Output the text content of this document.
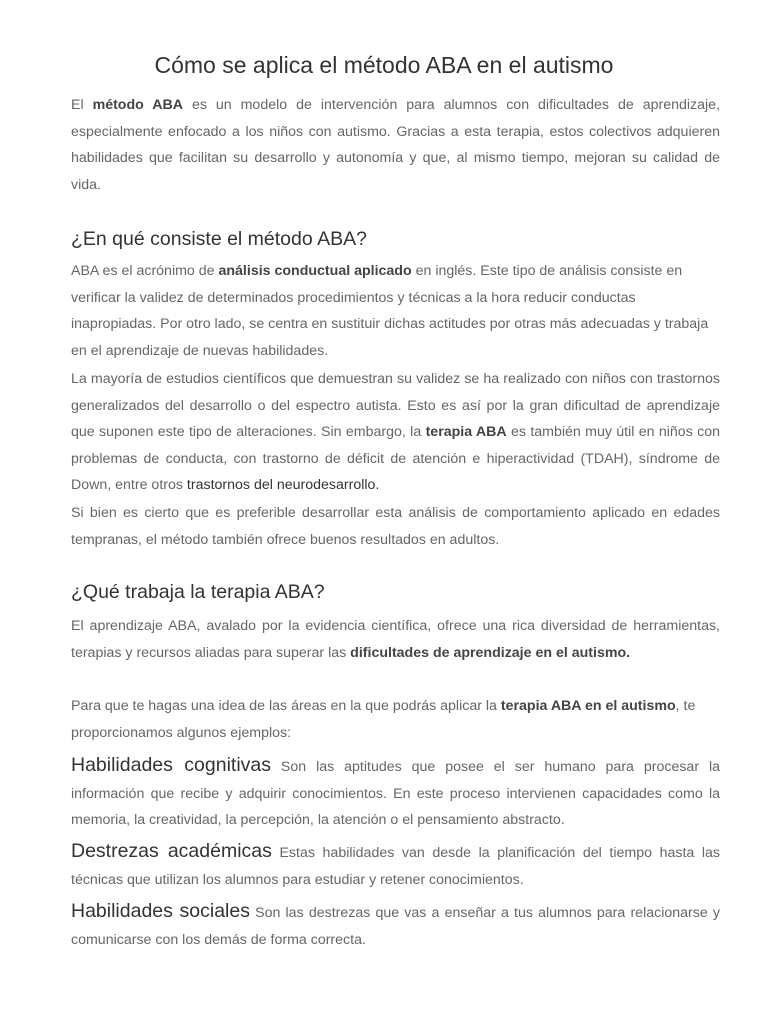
Cómo se aplica el método ABA en el autismo

El método ABA es un modelo de intervención para alumnos con dificultades de aprendizaje, especialmente enfocado a los niños con autismo. Gracias a esta terapia, estos colectivos adquieren habilidades que facilitan su desarrollo y autonomía y que, al mismo tiempo, mejoran su calidad de vida.

¿En qué consiste el método ABA?

ABA es el acrónimo de análisis conductual aplicado en inglés. Este tipo de análisis consiste en verificar la validez de determinados procedimientos y técnicas a la hora reducir conductas inapropiadas. Por otro lado, se centra en sustituir dichas actitudes por otras más adecuadas y trabaja en el aprendizaje de nuevas habilidades.

La mayoría de estudios científicos que demuestran su validez se ha realizado con niños con trastornos generalizados del desarrollo o del espectro autista. Esto es así por la gran dificultad de aprendizaje que suponen este tipo de alteraciones. Sin embargo, la terapia ABA es también muy útil en niños con problemas de conducta, con trastorno de déficit de atención e hiperactividad (TDAH), síndrome de Down, entre otros trastornos del neurodesarrollo.

Si bien es cierto que es preferible desarrollar esta análisis de comportamiento aplicado en edades tempranas, el método también ofrece buenos resultados en adultos.

¿Qué trabaja la terapia ABA?

El aprendizaje ABA, avalado por la evidencia científica, ofrece una rica diversidad de herramientas, terapias y recursos aliadas para superar las dificultades de aprendizaje en el autismo.

Para que te hagas una idea de las áreas en la que podrás aplicar la terapia ABA en el autismo, te proporcionamos algunos ejemplos:

Habilidades cognitivas Son las aptitudes que posee el ser humano para procesar la información que recibe y adquirir conocimientos. En este proceso intervienen capacidades como la memoria, la creatividad, la percepción, la atención o el pensamiento abstracto.

Destrezas académicas Estas habilidades van desde la planificación del tiempo hasta las técnicas que utilizan los alumnos para estudiar y retener conocimientos.

Habilidades sociales Son las destrezas que vas a enseñar a tus alumnos para relacionarse y comunicarse con los demás de forma correcta.
